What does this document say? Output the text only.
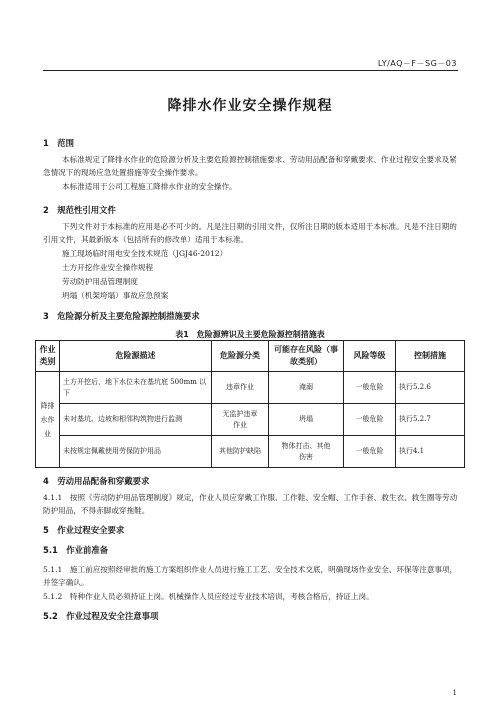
LY/AQ－F－SG－03
降排水作业安全操作规程
1　范围
本标准规定了降排水作业的危险源分析及主要危险源控制措施要求、劳动用品配备和穿戴要求、作业过程安全要求及紧急情况下的现场应急处置措施等安全操作要求。
本标准适用于公司工程施工降排水作业的安全操作。
2　规范性引用文件
下列文件对于本标准的应用是必不可少的。凡是注日期的引用文件，仅所注日期的版本适用于本标准。凡是不注日期的引用文件，其最新版本（包括所有的修改单）适用于本标准。
施工现场临时用电安全技术规范（JGJ46-2012）
土方开挖作业安全操作规程
劳动防护用品管理制度
坍塌（机架垮塌）事故应急预案
3　危险源分析及主要危险源控制措施要求
表1　危险源辨识及主要危险源控制措施表
作业类别	危险源描述	危险源分类	可能存在风险（事故类别）	风险等级	控制措施
降排水作业	土方开挖后，地下水位未在基坑底 500mm 以下	违章作业	淹溺	一般危险	执行5.2.6
	未对基坑、边坡和相邻构筑物进行监测	无监护违章作业	坍塌	一般危险	执行5.2.7
	未按规定佩戴使用劳保防护用品	其他防护缺陷	物体打击、其他伤害	一般危险	执行4.1
4　劳动用品配备和穿戴要求
4.1.1　按照《劳动防护用品管理制度》规定，作业人员应穿戴工作服、工作鞋、安全帽、工作手套、救生衣、救生圈等劳动防护用品，不得赤脚或穿拖鞋。
5　作业过程安全要求
5.1　作业前准备
5.1.1　施工前应按照经审批的施工方案组织作业人员进行施工工艺、安全技术交底，明确现场作业安全、环保等注意事项，并签字确认。
5.1.2　特种作业人员必须持证上岗。机械操作人员应经过专业技术培训，考核合格后，持证上岗。
5.2　作业过程及安全注意事项
1
